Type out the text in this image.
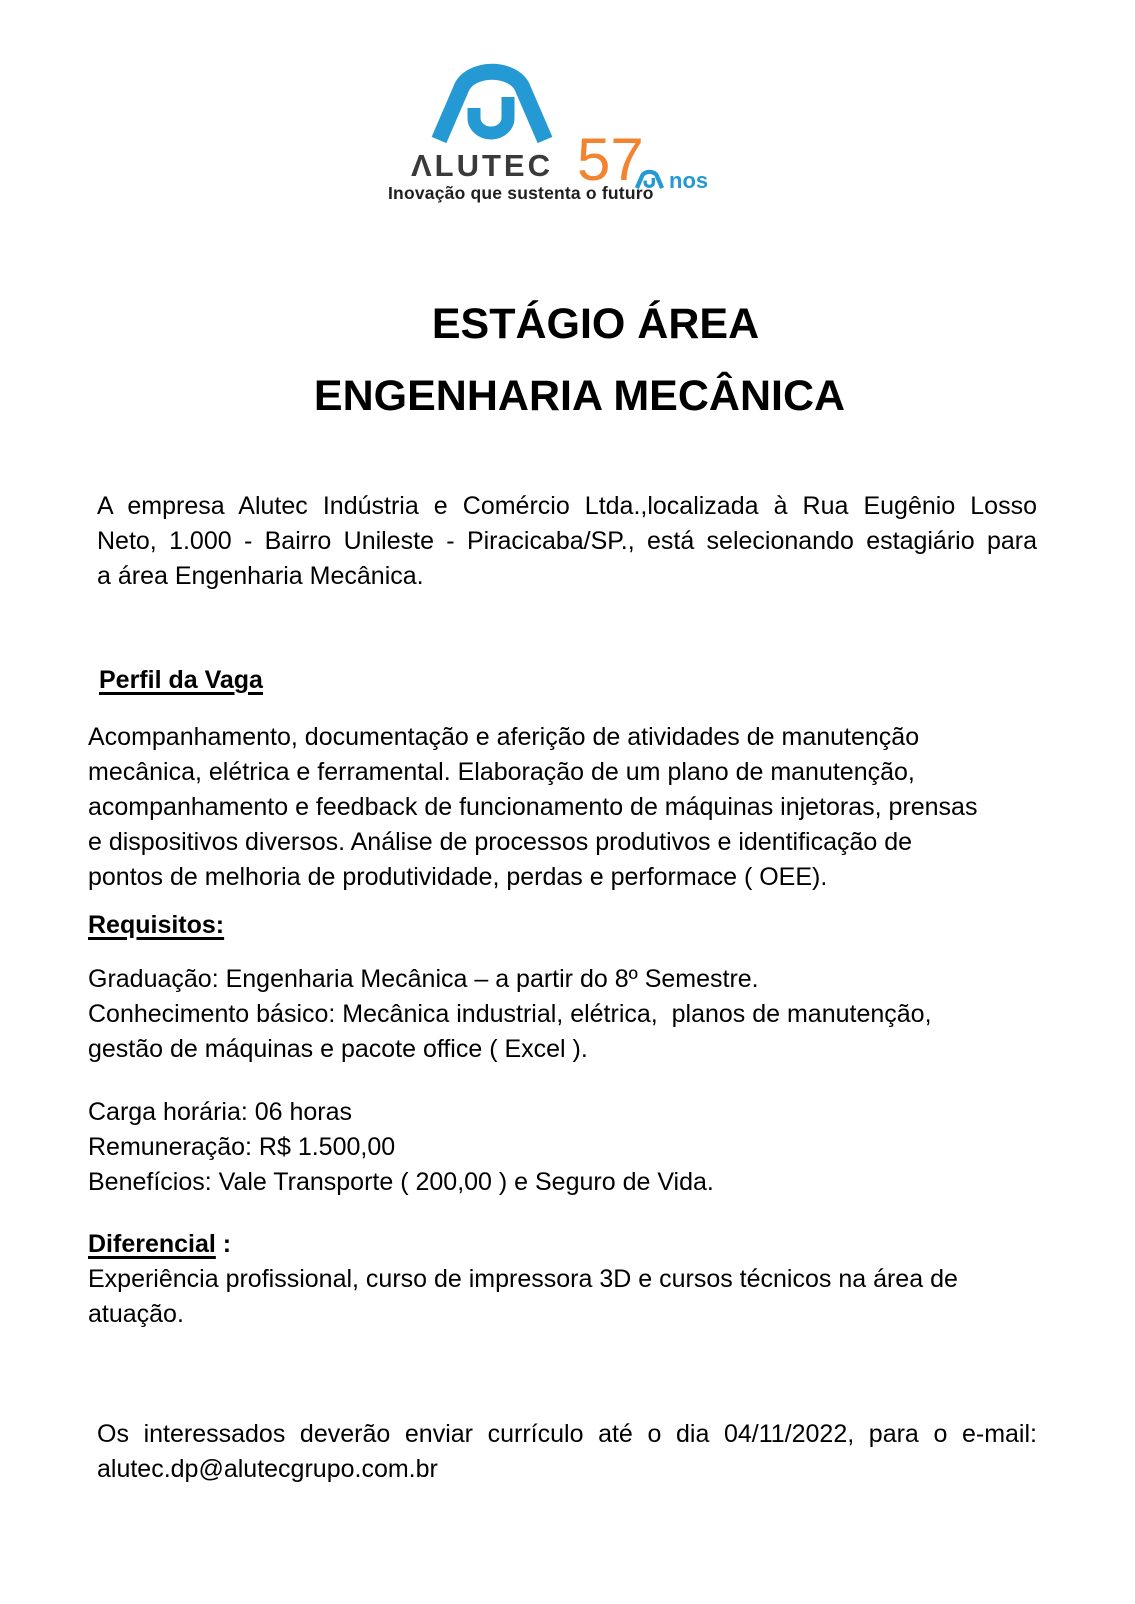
ΛLUTEC 57 nos
Inovação que sustenta o futuro
ESTÁGIO ÁREA
ENGENHARIA MECÂNICA
A empresa Alutec Indústria e Comércio Ltda.,localizada à Rua Eugênio Losso
Neto, 1.000 - Bairro Unileste - Piracicaba/SP., está selecionando estagiário para
a área Engenharia Mecânica.
Perfil da Vaga
Acompanhamento, documentação e aferição de atividades de manutenção
mecânica, elétrica e ferramental. Elaboração de um plano de manutenção,
acompanhamento e feedback de funcionamento de máquinas injetoras, prensas
e dispositivos diversos. Análise de processos produtivos e identificação de
pontos de melhoria de produtividade, perdas e performace ( OEE).
Requisitos:
Graduação: Engenharia Mecânica – a partir do 8º Semestre.
Conhecimento básico: Mecânica industrial, elétrica,  planos de manutenção,
gestão de máquinas e pacote office ( Excel ).
Carga horária: 06 horas
Remuneração: R$ 1.500,00
Benefícios: Vale Transporte ( 200,00 ) e Seguro de Vida.
Diferencial :
Experiência profissional, curso de impressora 3D e cursos técnicos na área de
atuação.
Os interessados deverão enviar currículo até o dia 04/11/2022, para o e-mail:
alutec.dp@alutecgrupo.com.br
